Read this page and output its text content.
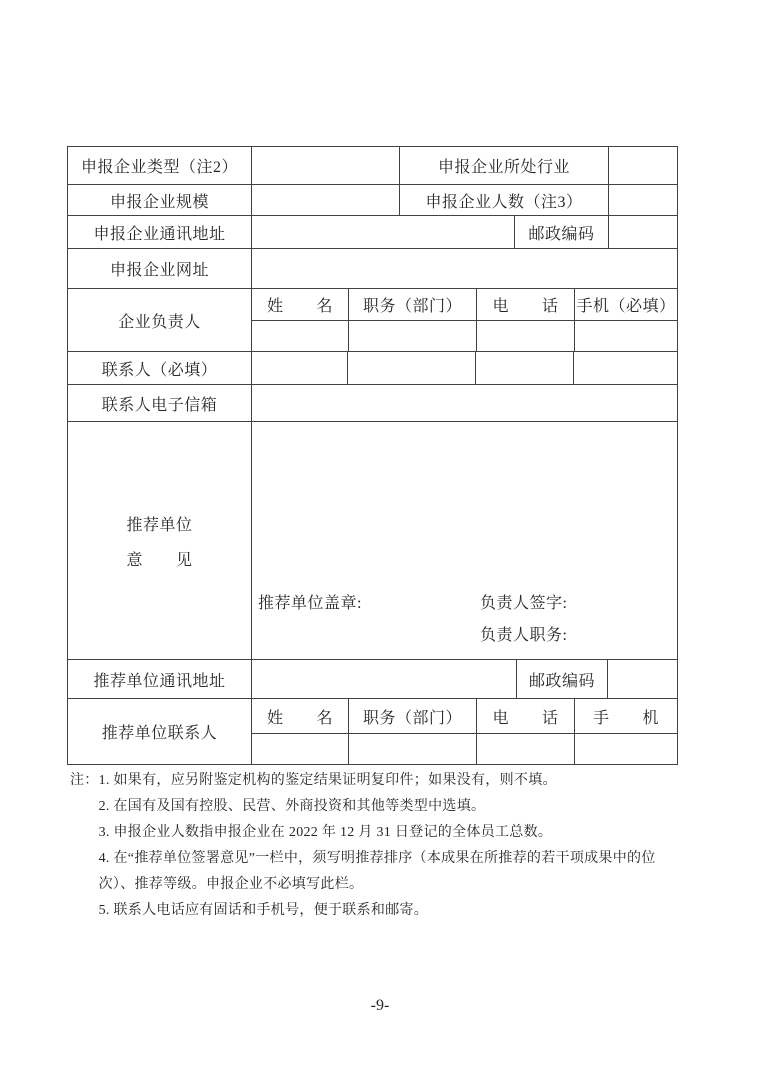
申报企业类型（注2）	申报企业所处行业
申报企业规模	申报企业人数（注3）
申报企业通讯地址	邮政编码
申报企业网址
企业负责人
姓　　名	职务（部门）	电　　话	手机（必填）
联系人（必填）
联系人电子信箱
推荐单位
意　　见
推荐单位盖章:	负责人签字:
负责人职务:
推荐单位通讯地址	邮政编码
推荐单位联系人
姓　　名	职务（部门）	电　　话	手　　机
注： 1. 如果有，应另附鉴定机构的鉴定结果证明复印件；如果没有，则不填。
2. 在国有及国有控股、民营、外商投资和其他等类型中选填。
3. 申报企业人数指申报企业在 2022 年 12 月 31 日登记的全体员工总数。
4. 在“推荐单位签署意见”一栏中，须写明推荐排序（本成果在所推荐的若干项成果中的位
次）、推荐等级。申报企业不必填写此栏。
5. 联系人电话应有固话和手机号，便于联系和邮寄。
-9-
